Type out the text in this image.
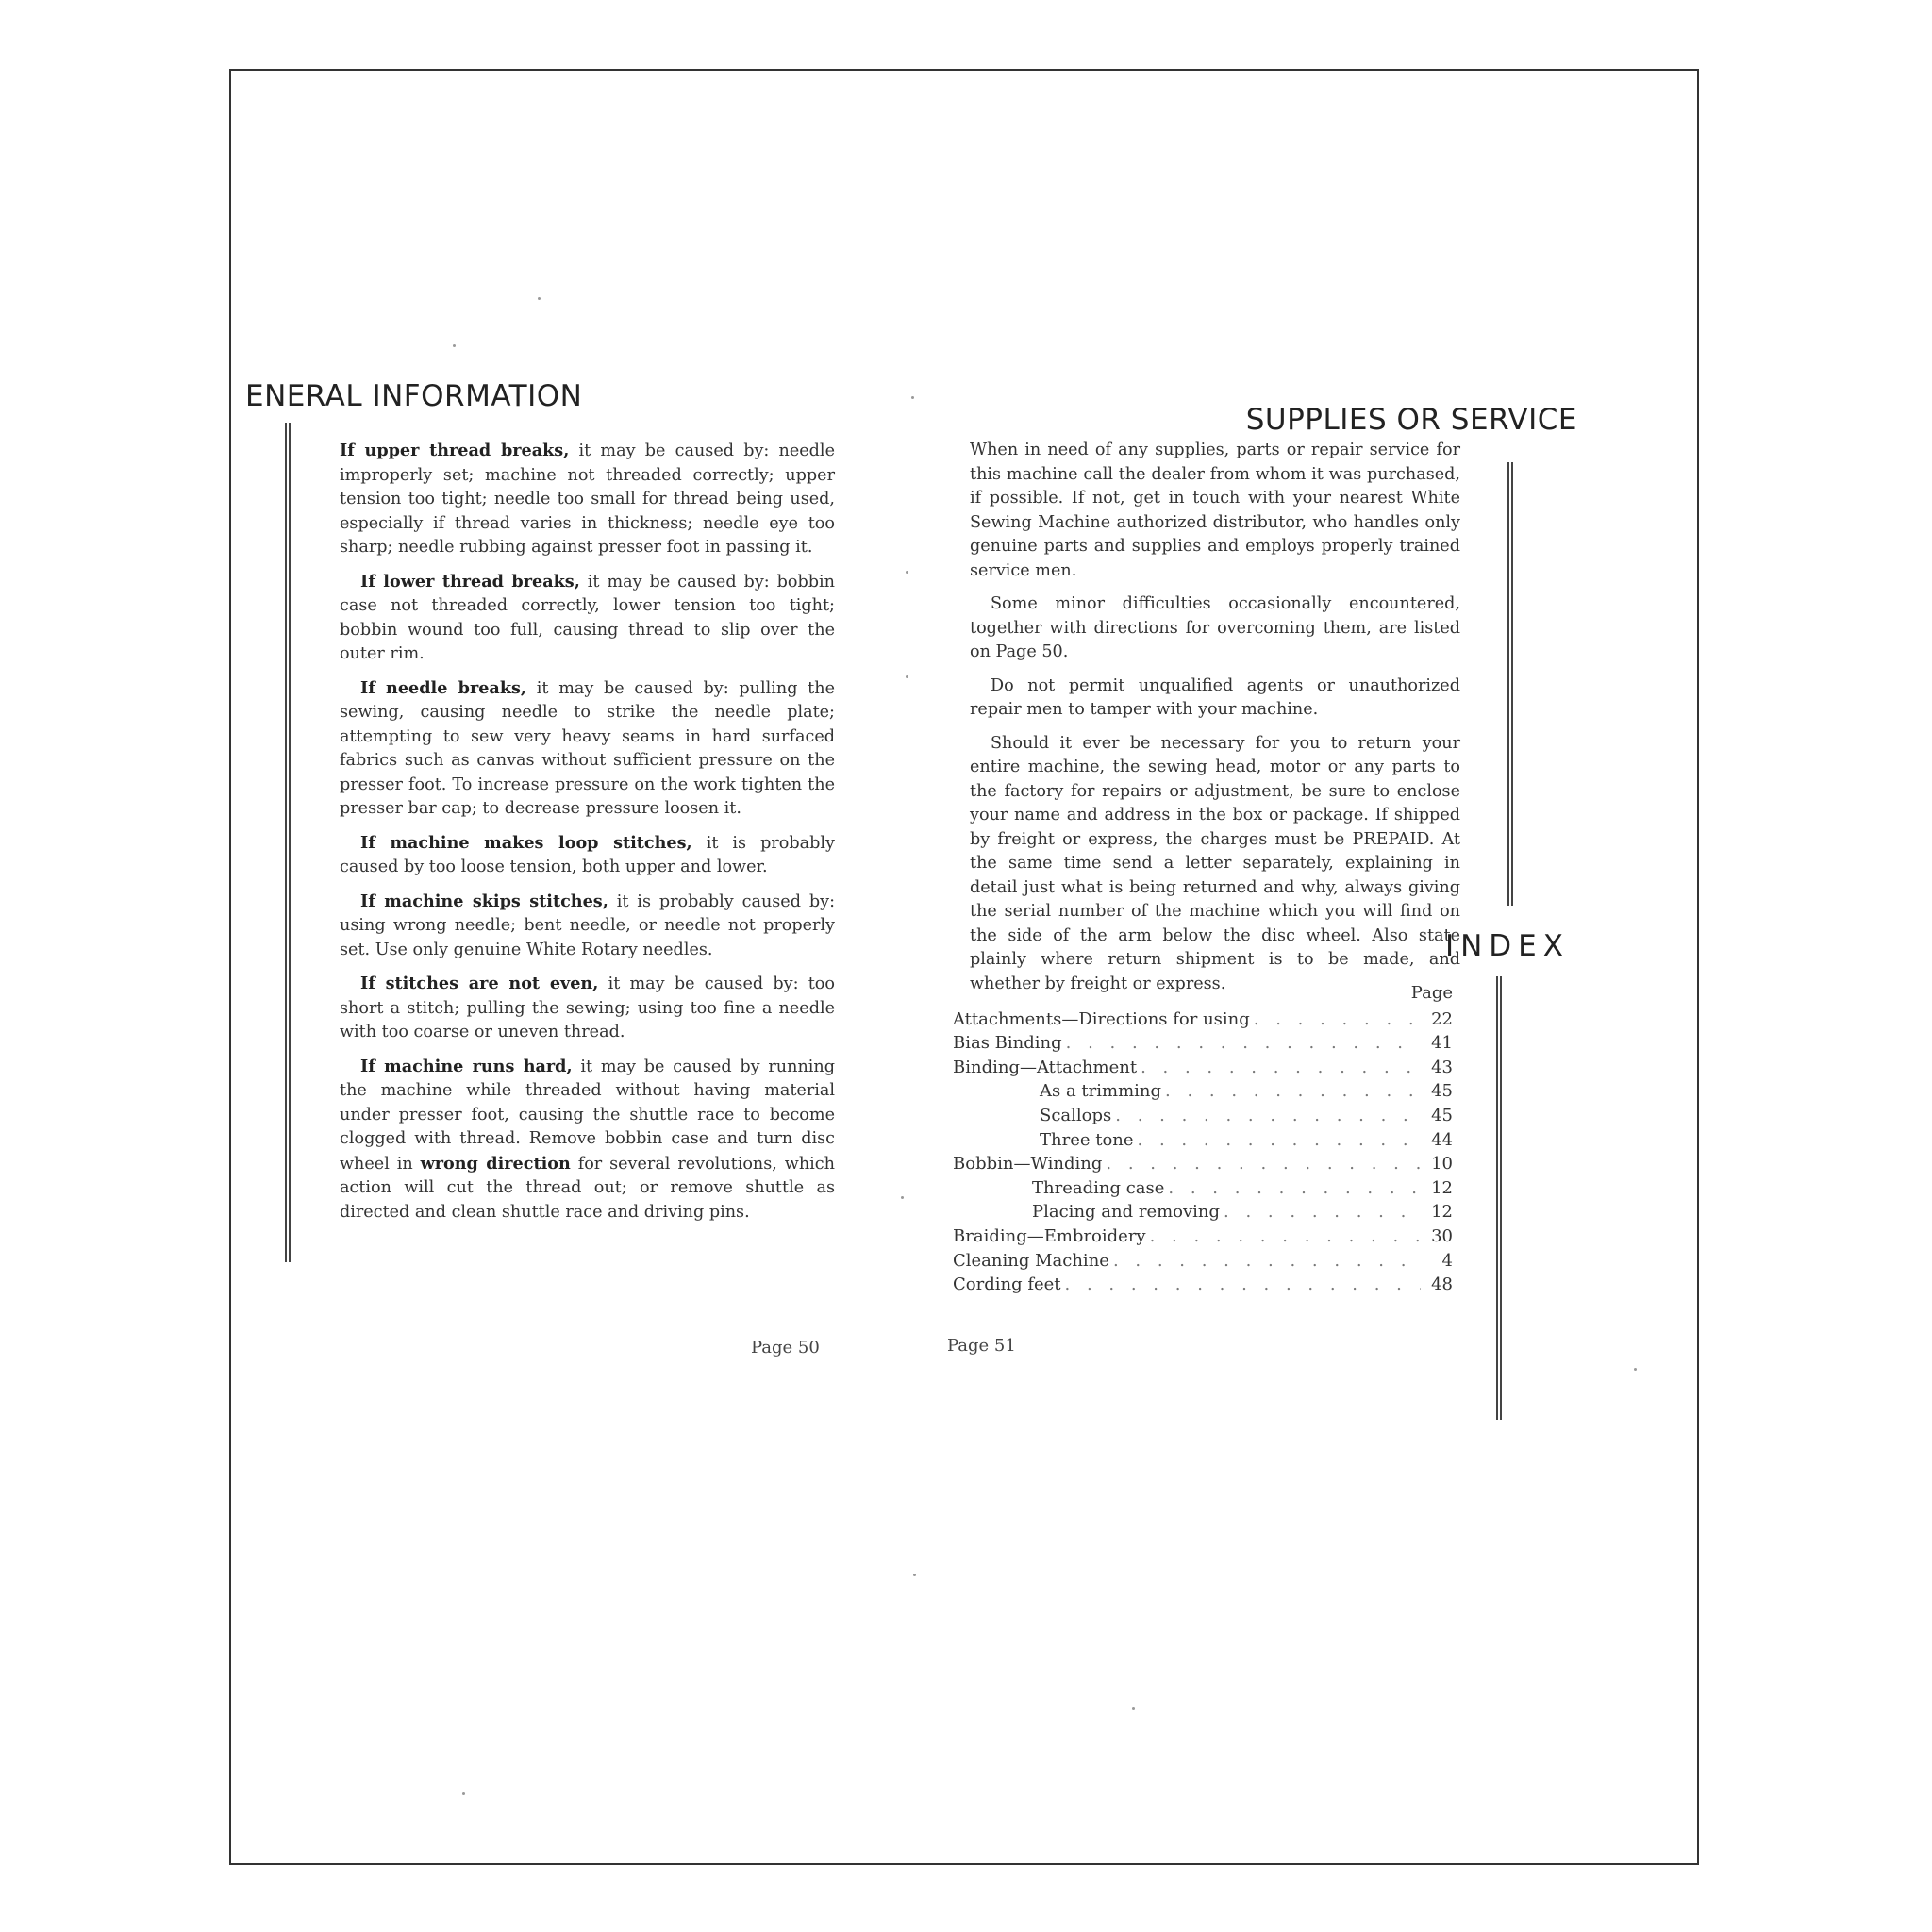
ENERAL INFORMATION

If upper thread breaks, it may be caused by: needle improperly set; machine not threaded correctly; upper tension too tight; needle too small for thread being used, especially if thread varies in thickness; needle eye too sharp; needle rubbing against presser foot in passing it.

If lower thread breaks, it may be caused by: bobbin case not threaded correctly, lower tension too tight; bobbin wound too full, causing thread to slip over the outer rim.

If needle breaks, it may be caused by: pulling the sewing, causing needle to strike the needle plate; attempting to sew very heavy seams in hard surfaced fabrics such as canvas without sufficient pressure on the presser foot. To increase pressure on the work tighten the presser bar cap; to decrease pressure loosen it.

If machine makes loop stitches, it is probably caused by too loose tension, both upper and lower.

If machine skips stitches, it is probably caused by: using wrong needle; bent needle, or needle not properly set. Use only genuine White Rotary needles.

If stitches are not even, it may be caused by: too short a stitch; pulling the sewing; using too fine a needle with too coarse or uneven thread.

If machine runs hard, it may be caused by running the machine while threaded without having material under presser foot, causing the shuttle race to become clogged with thread. Remove bobbin case and turn disc wheel in wrong direction for several revolutions, which action will cut the thread out; or remove shuttle as directed and clean shuttle race and driving pins.

Page 50
SUPPLIES OR SERVICE

When in need of any supplies, parts or repair service for this machine call the dealer from whom it was purchased, if possible. If not, get in touch with your nearest White Sewing Machine authorized distributor, who handles only genuine parts and supplies and employs properly trained service men.

Some minor difficulties occasionally encountered, together with directions for overcoming them, are listed on Page 50.

Do not permit unqualified agents or unauthorized repair men to tamper with your machine.

Should it ever be necessary for you to return your entire machine, the sewing head, motor or any parts to the factory for repairs or adjustment, be sure to enclose your name and address in the box or package. If shipped by freight or express, the charges must be PREPAID. At the same time send a letter separately, explaining in detail just what is being returned and why, always giving the serial number of the machine which you will find on the side of the arm below the disc wheel. Also state plainly where return shipment is to be made, and whether by freight or express.

INDEX
Page
Attachments—Directions for using . . .	22
Bias Binding . . .	41
Binding—Attachment . . .	43
As a trimming . . .	45
Scallops . . .	45
Three tone . . .	44
Bobbin—Winding . . .	10
Threading case . . .	12
Placing and removing . . .	12
Braiding—Embroidery . . .	30
Cleaning Machine . . .	4
Cording feet . . .	48
Page 51
